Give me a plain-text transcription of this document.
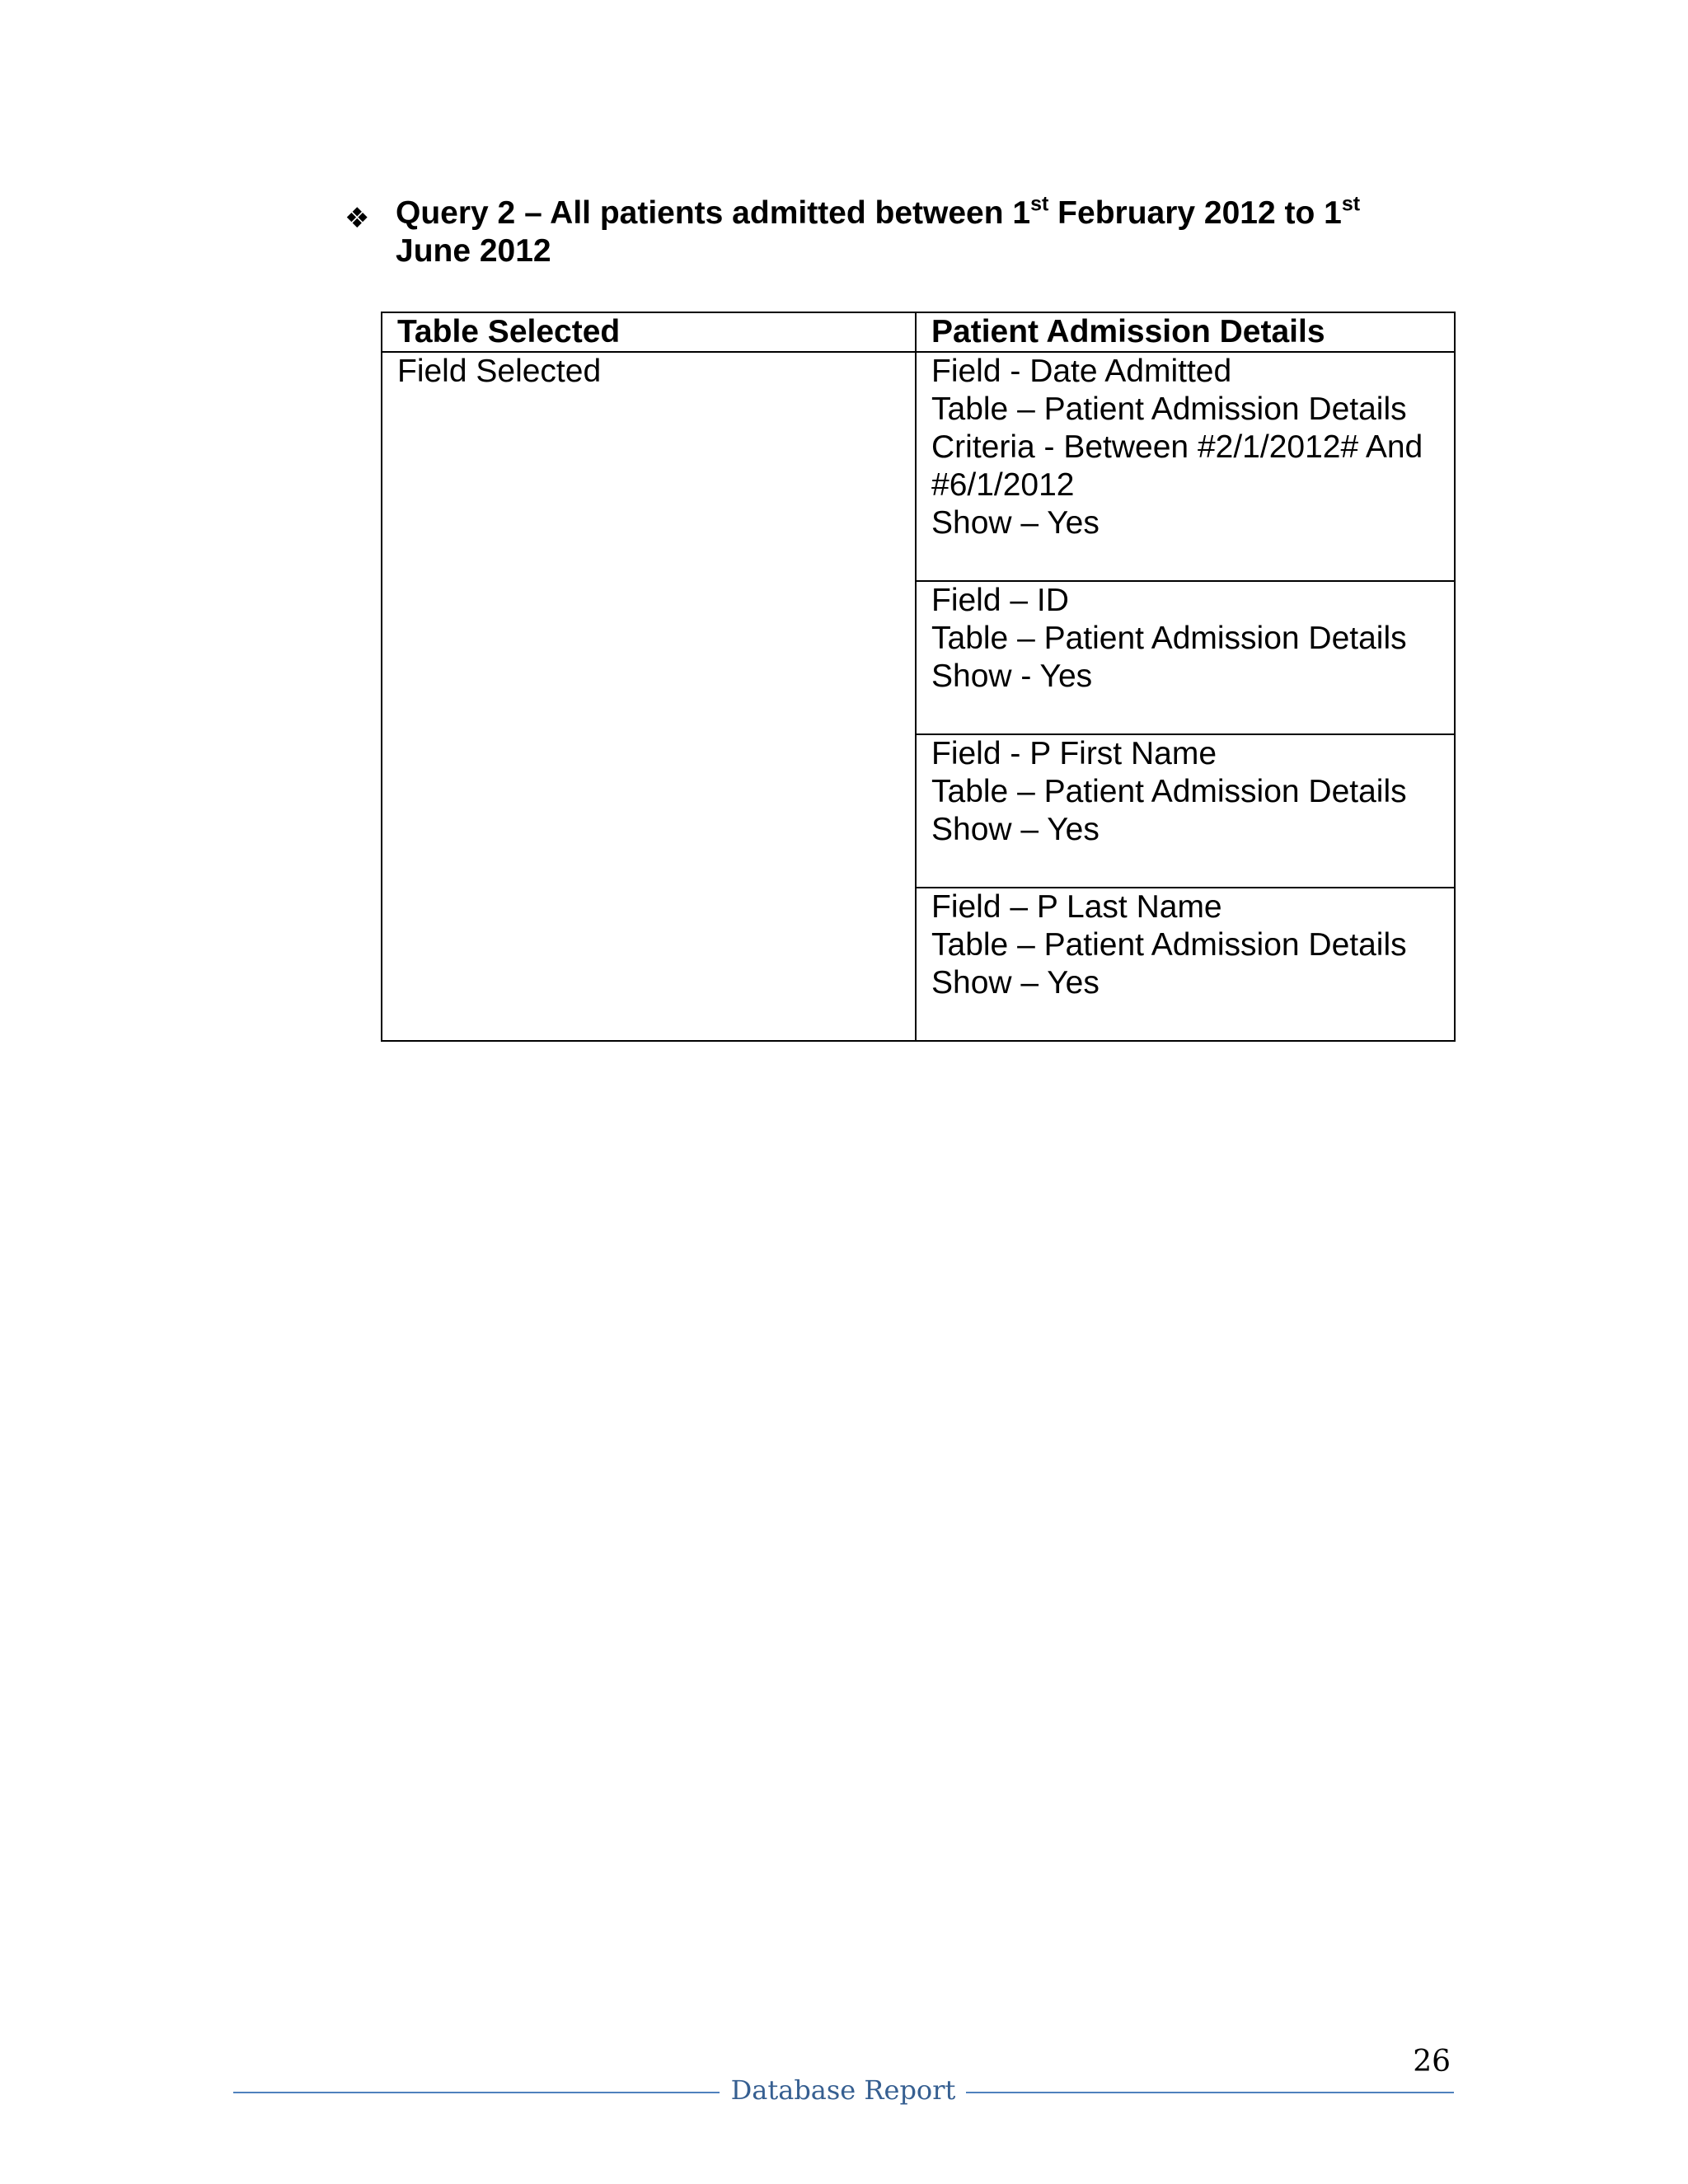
❖ Query 2 – All patients admitted between 1st February 2012 to 1st
June 2012
Table Selected	Patient Admission Details
Field Selected	Field - Date Admitted
Table – Patient Admission Details
Criteria - Between #2/1/2012# And
#6/1/2012
Show – Yes

	Field – ID
Table – Patient Admission Details
Show - Yes

	Field - P First Name
Table – Patient Admission Details
Show – Yes

	Field – P Last Name
Table – Patient Admission Details
Show – Yes
26
Database Report
